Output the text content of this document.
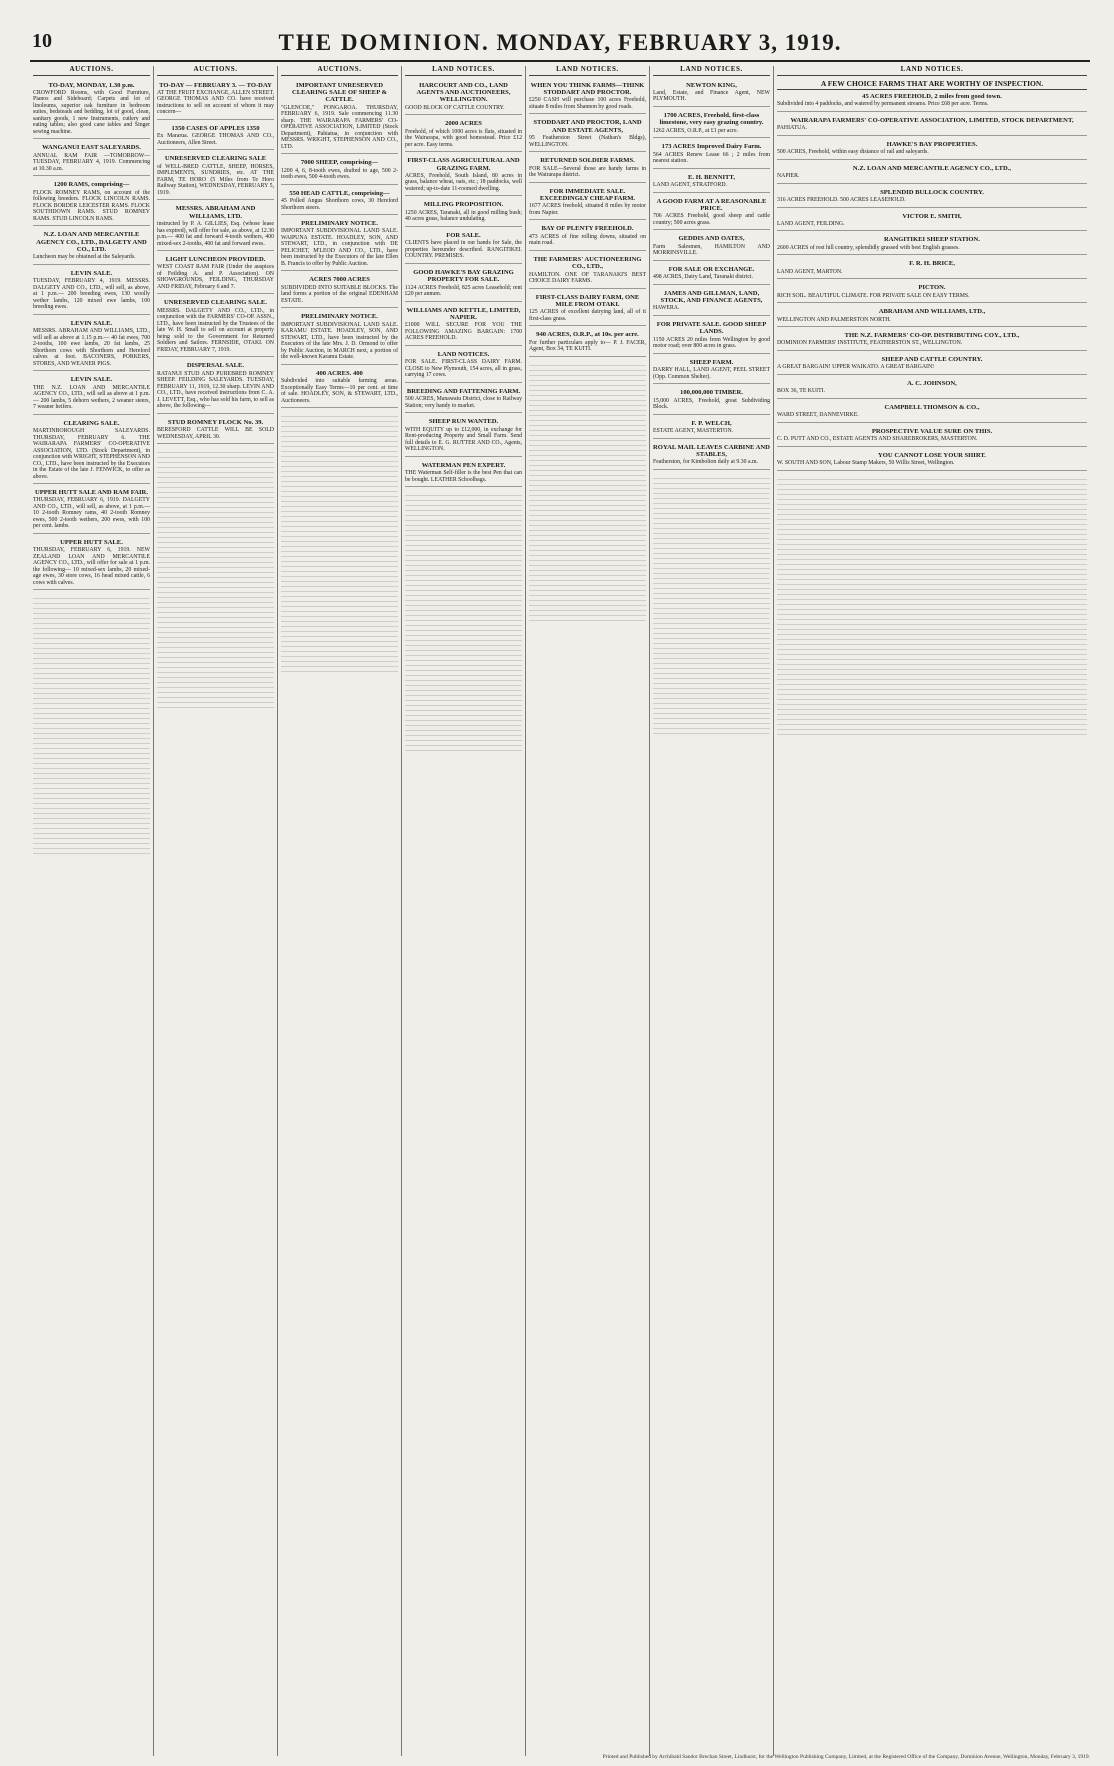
10	THE DOMINION. MONDAY, FEBRUARY 3, 1919.
AUCTIONS.
TO-DAY, MONDAY, 1.30 p.m.
CROWFORD Rooms, with Good Furniture, Pianos and Sideboard; Carpets and lot of linoleums, superior oak furniture in bedroom suites, bedsteads and bedding, lot of good, clean, sanitary goods, 1 new Instruments, cutlery and eating tables; also good cane tables and Singer sewing machine.
WANGANUI EAST SALEYARDS.
ANNUAL RAM FAIR —TOMORROW— TUESDAY, FEBRUARY 4, 1919. Commencing at 10.30 a.m.
1200 RAMS, comprising—
FLOCK ROMNEY RAMS, on account of the following breeders. FLOCK LINCOLN RAMS. FLOCK BORDER LEICESTER RAMS. FLOCK SOUTHDOWN RAMS. STUD ROMNEY RAMS. STUD LINCOLN RAMS.
N.Z. LOAN AND MERCANTILE AGENCY CO., LTD., DALGETY AND CO., LTD.
Luncheon may be obtained at the Saleyards.
LEVIN SALE.
TUESDAY, FEBRUARY 4, 1919. MESSRS. DALGETY AND CO., LTD., will sell, as above, at 1 p.m.— 200 breeding ewes, 130 woolly wether lambs, 120 mixed ewe lambs, 100 breeding ewes.
LEVIN SALE.
MESSRS. ABRAHAM AND WILLIAMS, LTD., will sell as above at 1.15 p.m.— 40 fat ewes, 700 2-tooths, 100 ewe lambs, 20 fat lambs, 25 Shorthorn cows with Shorthorn and Hereford calves at foot. BACONERS, PORKERS, STORES, AND WEANER PIGS.
LEVIN SALE.
THE N.Z. LOAN AND MERCANTILE AGENCY CO., LTD., will sell as above at 1 p.m.— 200 lambs, 5 dehorn wethers, 2 weaner steers, 7 weaner heifers.
CLEARING SALE.
MARTINBOROUGH SALEYARDS. THURSDAY, FEBRUARY 6. THE WAIRARAPA FARMERS' CO-OPERATIVE ASSOCIATION, LTD. (Stock Department), in conjunction with WRIGHT, STEPHENSON AND CO., LTD., have been instructed by the Executors in the Estate of the late J. FENWICK, to offer as above.
UPPER HUTT SALE AND RAM FAIR.
THURSDAY, FEBRUARY 6, 1919. DALGETY AND CO., LTD., will sell, as above, at 1 p.m.— 10 2-tooth Romney rams, 40 2-tooth Romney ewes, 500 2-tooth wethers, 200 ewes, with 100 per cent. lambs.
UPPER HUTT SALE.
THURSDAY, FEBRUARY 6, 1919. NEW ZEALAND LOAN AND MERCANTILE AGENCY CO., LTD., will offer for sale at 1 p.m. the following— 10 mixed-sex lambs, 20 mixed-age ewes, 30 store cows, 16 head mixed cattle, 6 cows with calves.
AUCTIONS.
TO-DAY — FEBRUARY 3. — TO-DAY
AT THE FRUIT EXCHANGE, ALLEN STREET. GEORGE THOMAS AND CO. have received instructions to sell on account of whom it may concern—
1350 CASES OF APPLES 1350
Ex Mararua. GEORGE THOMAS AND CO., Auctioneers, Allen Street.
UNRESERVED CLEARING SALE
of WELL-BRED CATTLE, SHEEP, HORSES, IMPLEMENTS, SUNDRIES, etc. AT THE FARM, TE HORO (5 Miles from Te Horo Railway Station), WEDNESDAY, FEBRUARY 5, 1919.
MESSRS. ABRAHAM AND WILLIAMS, LTD.
instructed by P. A. GILLIES, Esq. (whose lease has expired), will offer for sale, as above, at 12.30 p.m.— 400 fat and forward 4-tooth wethers, 400 mixed-sex 2-tooths, 400 fat and forward ewes.
LIGHT LUNCHEON PROVIDED.
WEST COAST RAM FAIR (Under the auspices of Feilding A. and P. Association). ON SHOWGROUNDS, FEILDING, THURSDAY AND FRIDAY, February 6 and 7.
UNRESERVED CLEARING SALE.
MESSRS. DALGETY AND CO., LTD., in conjunction with the FARMERS' CO-OP. ASSN., LTD., have been instructed by the Trustees of the late W. H. Small to sell on account at property being sold to the Government for Returned Soldiers and Sailors. FERNSIDE, OTAKI. ON FRIDAY, FEBRUARY 7, 1919.
DISPERSAL SALE.
RATANUI STUD AND PUREBRED ROMNEY SHEEP. FEILDING SALEYARDS. TUESDAY, FEBRUARY 11, 1919, 12.30 sharp. LEVIN AND CO., LTD., have received instructions from C. A. J. LEVETT, Esq., who has sold his farm, to sell as above, the following—
STUD ROMNEY FLOCK No. 39.
BERESFORD CATTLE WILL BE SOLD WEDNESDAY, APRIL 30.
AUCTIONS.
IMPORTANT UNRESERVED CLEARING SALE OF SHEEP & CATTLE.
"GLENCOE," PONGAROA. THURSDAY, FEBRUARY 6, 1919. Sale commencing 11.30 sharp. THE WAIRARAPA FARMERS' CO-OPERATIVE ASSOCIATION, LIMITED (Stock Department), Pahiatua, in conjunction with MESSRS. WRIGHT, STEPHENSON AND CO., LTD.
7000 SHEEP, comprising—
1200 4, 6, 8-tooth ewes, drafted to age, 500 2-tooth ewes, 500 4-tooth ewes.
550 HEAD CATTLE, comprising—
45 Polled Angus Shorthorn cows, 30 Hereford Shorthorn steers.
PRELIMINARY NOTICE.
IMPORTANT SUBDIVISIONAL LAND SALE. WAIPUNA ESTATE. HOADLEY, SON, AND STEWART, LTD., in conjunction with DE PELICHET, M'LEOD AND CO., LTD., have been instructed by the Executors of the late Ellen B. Francis to offer by Public Auction.
ACRES 7000 ACRES
SUBDIVIDED INTO SUITABLE BLOCKS. The land forms a portion of the original EDENHAM ESTATE.
PRELIMINARY NOTICE.
IMPORTANT SUBDIVISIONAL LAND SALE. KARAMU ESTATE. HOADLEY, SON, AND STEWART, LTD., have been instructed by the Executors of the late Mrs. J. D. Ormond to offer by Public Auction, in MARCH next, a portion of the well-known Karamu Estate.
400 ACRES. 400
Subdivided into suitable farming areas. Exceptionally Easy Terms—10 per cent. at time of sale. HOADLEY, SON, & STEWART, LTD., Auctioneers.
LAND NOTICES.
HARCOURT AND CO., LAND AGENTS AND AUCTIONEERS, WELLINGTON.
GOOD BLOCK OF CATTLE COUNTRY.
2000 ACRES
Freehold, of which 1000 acres is flats, situated in the Wairarapa, with good homestead. Price £12 per acre. Easy terms.
FIRST-CLASS AGRICULTURAL AND GRAZING FARM.
ACRES, Freehold, South Island, 80 acres in grass, balance wheat, oats, etc.; 18 paddocks, well watered; up-to-date 11-roomed dwelling.
MILLING PROPOSITION.
1250 ACRES, Taranaki, all in good milling bush; 40 acres grass, balance undulating.
FOR SALE.
CLIENTS have placed in our hands for Sale, the properties hereunder described. RANGITIKEI. COUNTRY. PREMISES.
GOOD HAWKE'S BAY GRAZING PROPERTY FOR SALE.
1124 ACRES Freehold, 825 acres Leasehold; rent £20 per annum.
WILLIAMS AND KETTLE, LIMITED, NAPIER.
£1000 WILL SECURE FOR YOU THE FOLLOWING AMAZING BARGAIN: 1700 ACRES FREEHOLD.
LAND NOTICES.
FOR SALE. FIRST-CLASS DAIRY FARM. CLOSE to New Plymouth, 154 acres, all in grass, carrying 17 cows.
BREEDING AND FATTENING FARM.
500 ACRES, Manawatu District, close to Railway Station; very handy to market.
SHEEP RUN WANTED.
WITH EQUITY up to £12,000, in exchange for Rent-producing Property and Small Farm. Send full details to E. G. RUTTER AND CO., Agents, WELLINGTON.
WATERMAN PEN EXPERT.
THE Waterman Self-filler is the best Pen that can be bought. LEATHER Schoolbags.
LAND NOTICES.
WHEN YOU THINK FARMS—THINK STODDART AND PROCTOR.
£250 CASH will purchase 100 acres Freehold, situate 8 miles from Shannon by good roads.
STODDART AND PROCTOR, LAND AND ESTATE AGENTS,
95 Featherston Street (Nathan's Bldgs), WELLINGTON.
RETURNED SOLDIER FARMS.
FOR SALE—Several those are handy farms in the Wairarapa district.
FOR IMMEDIATE SALE. EXCEEDINGLY CHEAP FARM.
1677 ACRES freehold, situated 8 miles by motor from Napier.
BAY OF PLENTY FREEHOLD.
473 ACRES of fine rolling downs, situated on main road.
THE FARMERS' AUCTIONEERING CO., LTD.,
HAMILTON. ONE OF TARANAKI'S BEST CHOICE DAIRY FARMS.
FIRST-CLASS DAIRY FARM, ONE MILE FROM OTAKI.
125 ACRES of excellent dairying land, all of it first-class grass.
940 ACRES, O.R.P., at 10s. per acre.
For further particulars apply to— P. J. FACER, Agent, Box 34, TE KUITI.
LAND NOTICES.
NEWTON KING,
Land, Estate, and Finance Agent, NEW PLYMOUTH.
1700 ACRES, Freehold, first-class limestone, very easy grazing country.
1262 ACRES, O.R.P., at £1 per acre.
173 ACRES Improved Dairy Farm.
564 ACRES Renew Lease 66 ; 2 miles from nearest station.
E. H. BENNITT,
LAND AGENT, STRATFORD.
A GOOD FARM AT A REASONABLE PRICE.
706 ACRES Freehold, good sheep and cattle country; 500 acres grass.
GEDDIS AND OATES,
Farm Salesmen, HAMILTON AND MORRINSVILLE.
FOR SALE OR EXCHANGE.
498 ACRES, Dairy Land, Taranaki district.
JAMES AND GILLMAN, LAND, STOCK, AND FINANCE AGENTS,
HAWERA.
FOR PRIVATE SALE. GOOD SHEEP LANDS.
1150 ACRES 20 miles from Wellington by good motor road; over 800 acres in grass.
SHEEP FARM.
DARRY HALL, LAND AGENT, PEEL STREET (Opp. Common Shelter).
100,000,000 TIMBER.
15,000 ACRES, Freehold, great Subdividing Block.
F. P. WELCH,
ESTATE AGENT, MASTERTON.
ROYAL MAIL LEAVES CARBINE AND STABLES,
Featherston, for Kimbolton daily at 9.30 a.m.
LAND NOTICES.
A FEW CHOICE FARMS THAT ARE WORTHY OF INSPECTION.
45 ACRES FREEHOLD, 2 miles from good town.
Subdivided into 4 paddocks, and watered by permanent streams. Price £68 per acre. Terms.
WAIRARAPA FARMERS' CO-OPERATIVE ASSOCIATION, LIMITED, STOCK DEPARTMENT,
PAHIATUA.
HAWKE'S BAY PROPERTIES.
500 ACRES, Freehold, within easy distance of rail and saleyards.
N.Z. LOAN AND MERCANTILE AGENCY CO., LTD.,
NAPIER.
SPLENDID BULLOCK COUNTRY.
316 ACRES FREEHOLD. 500 ACRES LEASEHOLD.
VICTOR E. SMITH,
LAND AGENT, FEILDING.
RANGITIKEI SHEEP STATION.
2600 ACRES of rest hill country, splendidly grassed with best English grasses.
F. R. H. BRICE,
LAND AGENT, MARTON.
PICTON.
RICH SOIL. BEAUTIFUL CLIMATE. FOR PRIVATE SALE ON EASY TERMS.
ABRAHAM AND WILLIAMS, LTD.,
WELLINGTON AND PALMERSTON NORTH.
THE N.Z. FARMERS' CO-OP. DISTRIBUTING COY., LTD.,
DOMINION FARMERS' INSTITUTE, FEATHERSTON ST., WELLINGTON.
SHEEP AND CATTLE COUNTRY.
A GREAT BARGAIN! UPPER WAIKATO. A GREAT BARGAIN!
A. C. JOHNSON,
BOX 36, TE KUITI.
CAMPBELL THOMSON & CO.,
WARD STREET, DANNEVIRKE.
PROSPECTIVE VALUE SURE ON THIS.
C. D. PUTT AND CO., ESTATE AGENTS AND SHAREBROKERS, MASTERTON.
YOU CANNOT LOSE YOUR SHIRT.
W. SOUTH AND SON, Labour Stamp Makers, 50 Willis Street, Wellington.
Printed and Published by Archibald Sandor Brechan Street, Lindhurst, for the Wellington Publishing Company, Limited, at the Registered Office of the Company, Dominion Avenue, Wellington, Monday, February 3, 1919.
